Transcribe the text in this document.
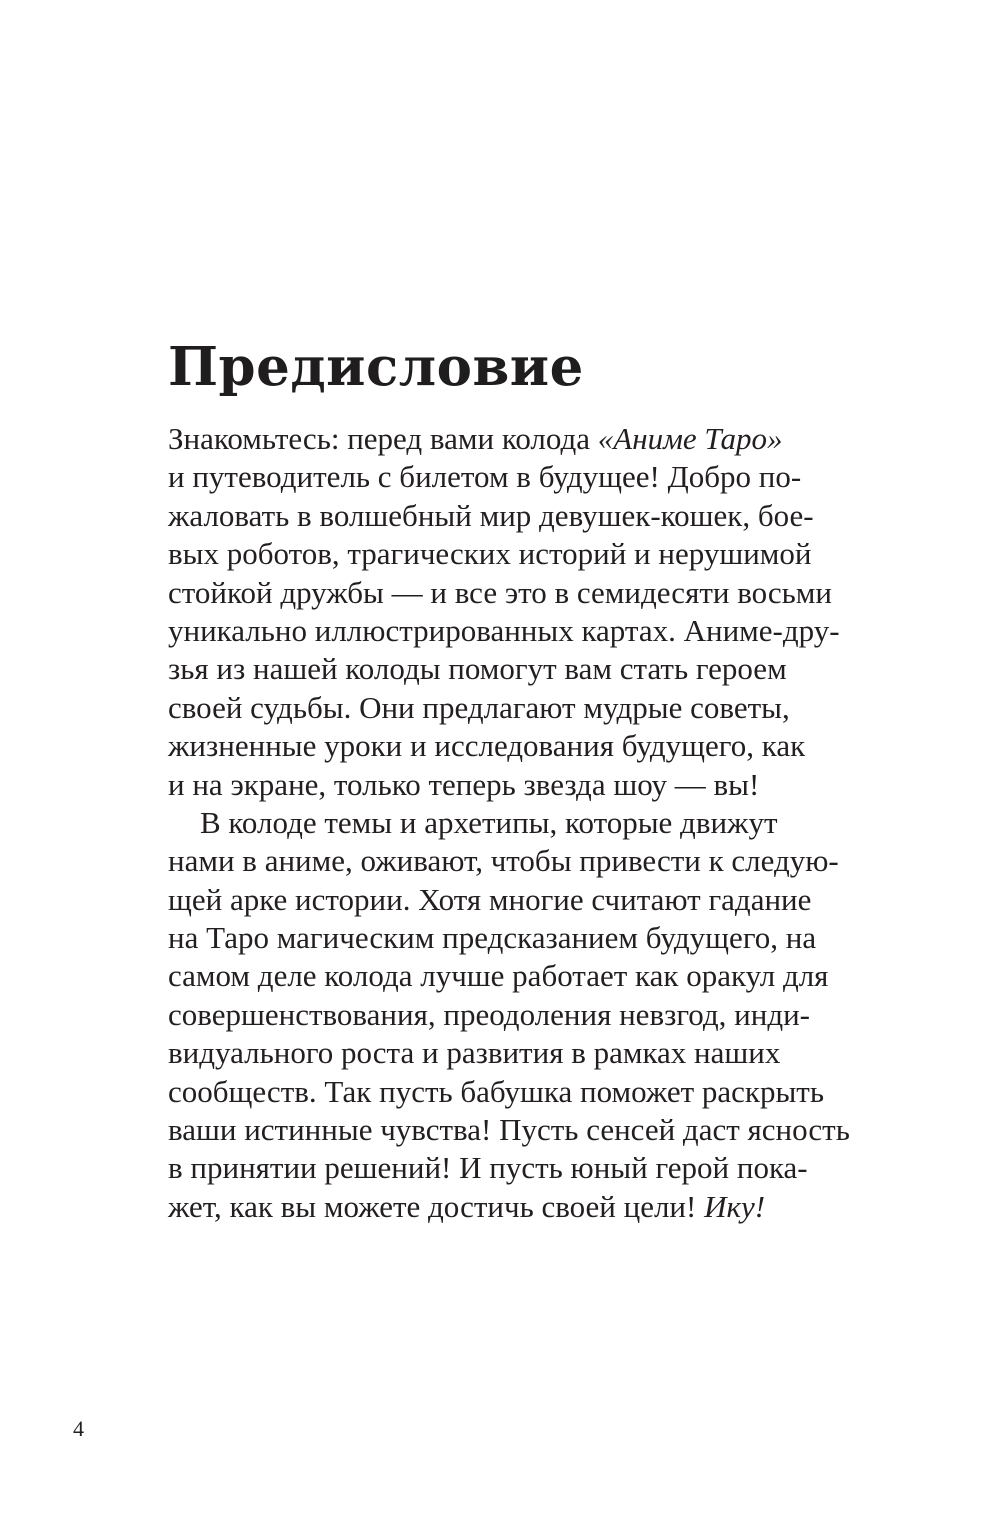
Предисловие
Знакомьтесь: перед вами колода «Аниме Таро»
и путеводитель с билетом в будущее! Добро по-
жаловать в волшебный мир девушек-кошек, бое-
вых роботов, трагических историй и нерушимой
стойкой дружбы — и все это в семидесяти восьми
уникально иллюстрированных картах. Аниме-дру-
зья из нашей колоды помогут вам стать героем
своей судьбы. Они предлагают мудрые советы,
жизненные уроки и исследования будущего, как
и на экране, только теперь звезда шоу — вы!
В колоде темы и архетипы, которые движут
нами в аниме, оживают, чтобы привести к следую-
щей арке истории. Хотя многие считают гадание
на Таро магическим предсказанием будущего, на
самом деле колода лучше работает как оракул для
совершенствования, преодоления невзгод, инди-
видуального роста и развития в рамках наших
сообществ. Так пусть бабушка поможет раскрыть
ваши истинные чувства! Пусть сенсей даст ясность
в принятии решений! И пусть юный герой пока-
жет, как вы можете достичь своей цели! Ику!
4
